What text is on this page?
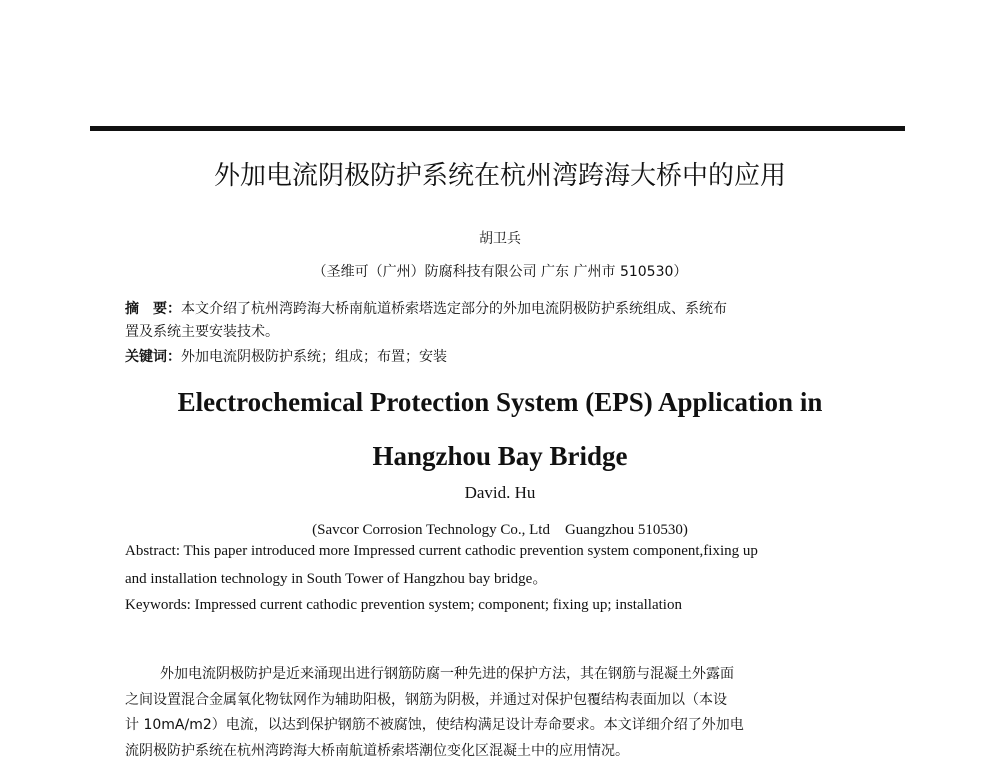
外加电流阴极防护系统在杭州湾跨海大桥中的应用
胡卫兵
（圣维可（广州）防腐科技有限公司 广东 广州市 510530）
摘　要：本文介绍了杭州湾跨海大桥南航道桥索塔选定部分的外加电流阴极防护系统组成、系统布
置及系统主要安装技术。
关键词：外加电流阴极防护系统；组成；布置；安装
Electrochemical Protection System (EPS) Application in
Hangzhou Bay Bridge
David. Hu
(Savcor Corrosion Technology Co., Ltd　Guangzhou 510530)
Abstract: This paper introduced more Impressed current cathodic prevention system component,fixing up
and installation technology in South Tower of Hangzhou bay bridge。
Keywords: Impressed current cathodic prevention system; component; fixing up; installation
外加电流阴极防护是近来涌现出进行钢筋防腐一种先进的保护方法，其在钢筋与混凝土外露面
之间设置混合金属氧化物钛网作为辅助阳极，钢筋为阴极，并通过对保护包覆结构表面加以（本设
计 10mA/m2）电流，以达到保护钢筋不被腐蚀，使结构满足设计寿命要求。本文详细介绍了外加电
流阴极防护系统在杭州湾跨海大桥南航道桥索塔潮位变化区混凝土中的应用情况。
